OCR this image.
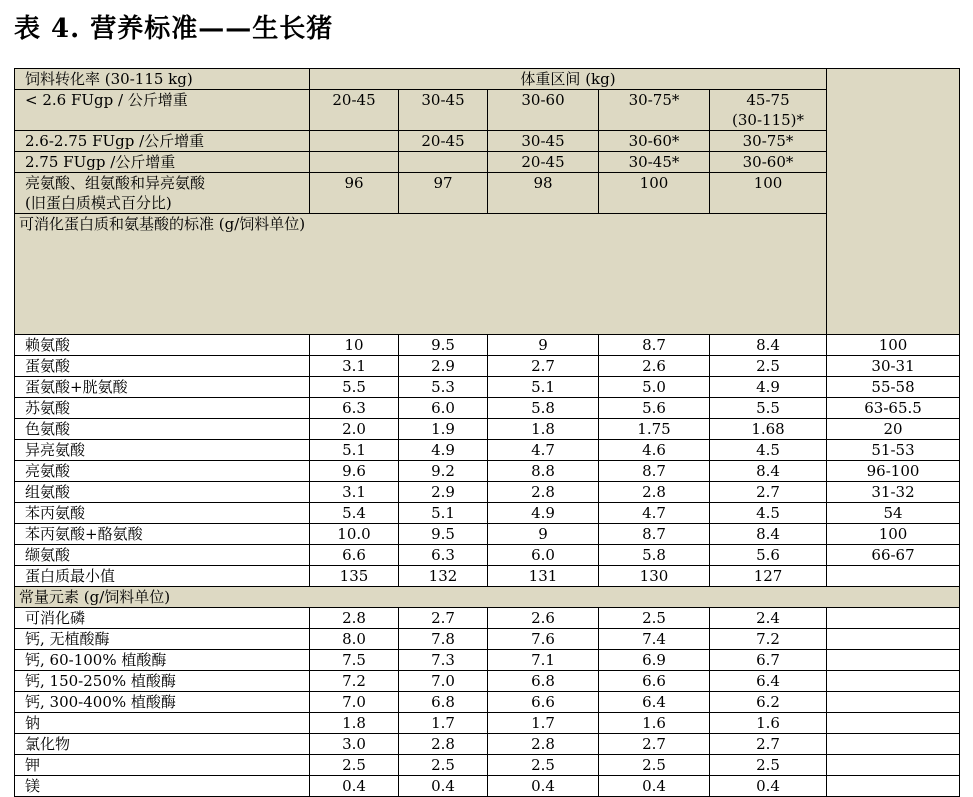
表 4. 营养标准——生长猪
饲料转化率 (30-115 kg)	体重区间 (kg)						
< 2.6 FUgp / 公斤增重	20-45	30-45	30-60	30-75*	45-75
(30-115)*		
2.6-2.75 FUgp /公斤增重		20-45	30-45	30-60*	30-75*		
2.75 FUgp /公斤增重			20-45	30-45*	30-60*		
亮氨酸、组氨酸和异亮氨酸
(旧蛋白质模式百分比)	96	97	98	100	100		
可消化蛋白质和氨基酸的标准 (g/饲料单位)	
赖氨酸	10	9.5	9	8.7	8.4	100	
蛋氨酸	3.1	2.9	2.7	2.6	2.5	30-31	
蛋氨酸+胱氨酸	5.5	5.3	5.1	5.0	4.9	55-58	
苏氨酸	6.3	6.0	5.8	5.6	5.5	63-65.5	
色氨酸	2.0	1.9	1.8	1.75	1.68	20	
异亮氨酸	5.1	4.9	4.7	4.6	4.5	51-53	
亮氨酸	9.6	9.2	8.8	8.7	8.4	96-100	
组氨酸	3.1	2.9	2.8	2.8	2.7	31-32	
苯丙氨酸	5.4	5.1	4.9	4.7	4.5	54	
苯丙氨酸+酪氨酸	10.0	9.5	9	8.7	8.4	100	
缬氨酸	6.6	6.3	6.0	5.8	5.6	66-67	
蛋白质最小值	135	132	131	130	127		
常量元素 (g/饲料单位)							
可消化磷	2.8	2.7	2.6	2.5	2.4		
钙, 无植酸酶	8.0	7.8	7.6	7.4	7.2		
钙, 60-100% 植酸酶	7.5	7.3	7.1	6.9	6.7		
钙, 150-250% 植酸酶	7.2	7.0	6.8	6.6	6.4		
钙, 300-400% 植酸酶	7.0	6.8	6.6	6.4	6.2		
钠	1.8	1.7	1.7	1.6	1.6		
氯化物	3.0	2.8	2.8	2.7	2.7		
钾	2.5	2.5	2.5	2.5	2.5		
镁	0.4	0.4	0.4	0.4	0.4		
